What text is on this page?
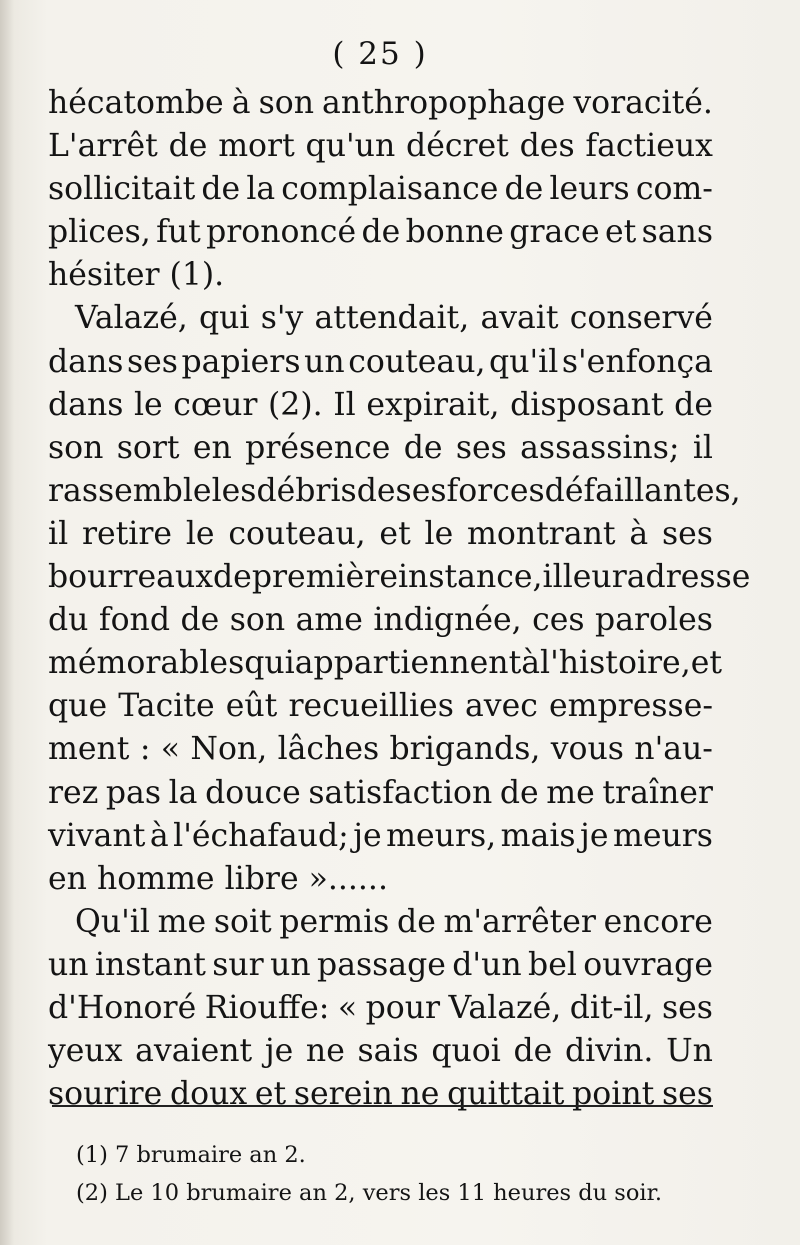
( 25 )
hécatombe à son anthropophage voracité.
L'arrêt de mort qu'un décret des factieux
sollicitait de la complaisance de leurs com-
plices, fut prononcé de bonne grace et sans
hésiter (1).
Valazé, qui s'y attendait, avait conservé
dans ses papiers un couteau, qu'il s'enfonça
dans le cœur (2). Il expirait, disposant de
son sort en présence de ses assassins; il
rassemble les débris de ses forces défaillantes,
il retire le couteau, et le montrant à ses
bourreaux de première instance, il leur adresse
du fond de son ame indignée, ces paroles
mémorables qui appartiennent à l'histoire, et
que Tacite eût recueillies avec empresse-
ment : « Non, lâches brigands, vous n'au-
rez pas la douce satisfaction de me traîner
vivant à l'échafaud; je meurs, mais je meurs
en homme libre »......
Qu'il me soit permis de m'arrêter encore
un instant sur un passage d'un bel ouvrage
d'Honoré Riouffe: « pour Valazé, dit-il, ses
yeux avaient je ne sais quoi de divin. Un
sourire doux et serein ne quittait point ses
(1) 7 brumaire an 2.
(2) Le 10 brumaire an 2, vers les 11 heures du soir.
